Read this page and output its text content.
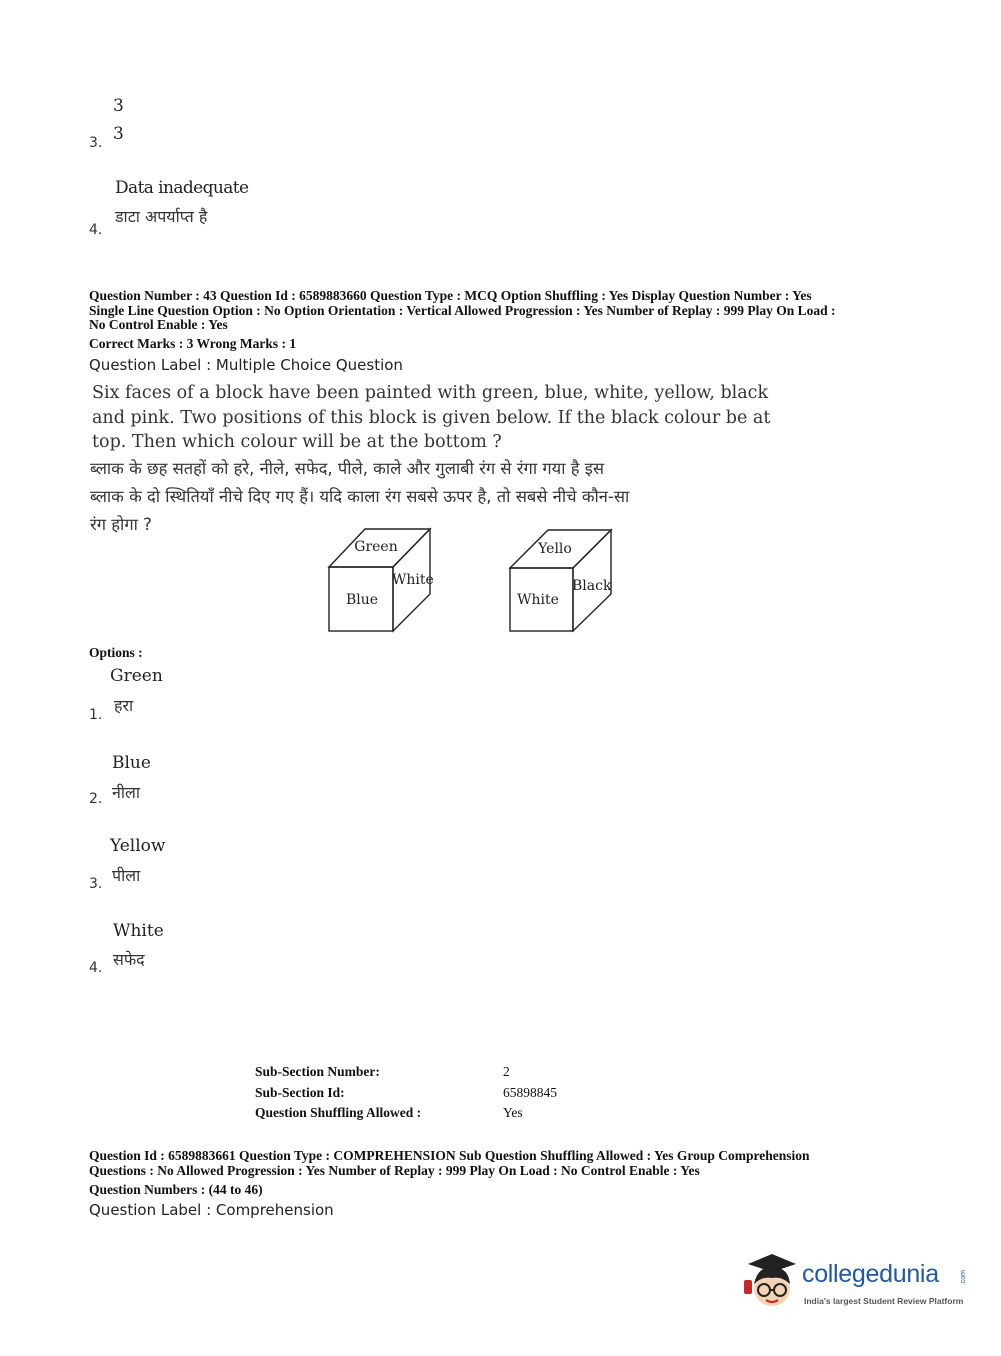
3
3. 3
Data inadequate
डाटा अपर्याप्त है
4.
Question Number : 43 Question Id : 6589883660 Question Type : MCQ Option Shuffling : Yes Display Question Number : Yes
Single Line Question Option : No Option Orientation : Vertical Allowed Progression : Yes Number of Replay : 999 Play On Load :
No Control Enable : Yes
Correct Marks : 3 Wrong Marks : 1
Question Label : Multiple Choice Question
Six faces of a block have been painted with green, blue, white, yellow, black
and pink. Two positions of this block is given below. If the black colour be at
top. Then which colour will be at the bottom ?
ब्लाक के छह सतहों को हरे, नीले, सफेद, पीले, काले और गुलाबी रंग से रंगा गया है इस
ब्लाक के दो स्थितियाँ नीचे दिए गए हैं। यदि काला रंग सबसे ऊपर है, तो सबसे नीचे कौन-सा
रंग होगा ?
Green
Blue
White
Yello
White
Black
Options :
Green
हरा
1.
Blue
नीला
2.
Yellow
पीला
3.
White
सफेद
4.
Sub-Section Number:	2
Sub-Section Id:	65898845
Question Shuffling Allowed :	Yes
Question Id : 6589883661 Question Type : COMPREHENSION Sub Question Shuffling Allowed : Yes Group Comprehension
Questions : No Allowed Progression : Yes Number of Replay : 999 Play On Load : No Control Enable : Yes
Question Numbers : (44 to 46)
Question Label : Comprehension
collegedunia	.com
India's largest Student Review Platform
